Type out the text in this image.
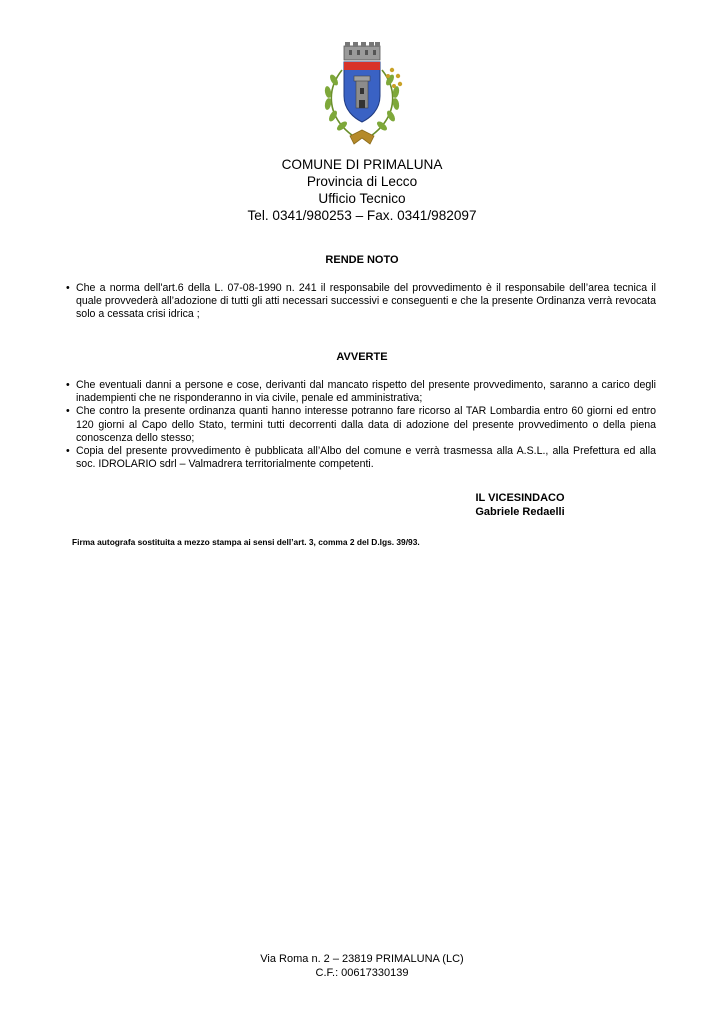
COMUNE DI PRIMALUNA
Provincia di Lecco
Ufficio Tecnico
Tel. 0341/980253 – Fax. 0341/982097
RENDE NOTO
• Che a norma dell'art.6 della L. 07-08-1990 n. 241 il responsabile del provvedimento è il responsabile dell’area tecnica il quale provvederà all’adozione di tutti gli atti necessari successivi e conseguenti e che la presente Ordinanza verrà revocata solo a cessata crisi idrica ;
AVVERTE
• Che eventuali danni a persone e cose, derivanti dal mancato rispetto del presente provvedimento, saranno a carico degli inadempienti che ne risponderanno in via civile, penale ed amministrativa;
• Che contro la presente ordinanza quanti hanno interesse potranno fare ricorso al TAR Lombardia entro 60 giorni ed entro 120 giorni al Capo dello Stato, termini tutti decorrenti dalla data di adozione del presente provvedimento o della piena conoscenza dello stesso;
• Copia del presente provvedimento è pubblicata all’Albo del comune e verrà trasmessa alla A.S.L., alla Prefettura ed alla soc. IDROLARIO sdrl – Valmadrera territorialmente competenti.
IL VICESINDACO
Gabriele Redaelli
Firma autografa sostituita a mezzo stampa ai sensi dell’art. 3, comma 2 del D.lgs. 39/93.
Via Roma n. 2 – 23819 PRIMALUNA (LC)
C.F.: 00617330139
